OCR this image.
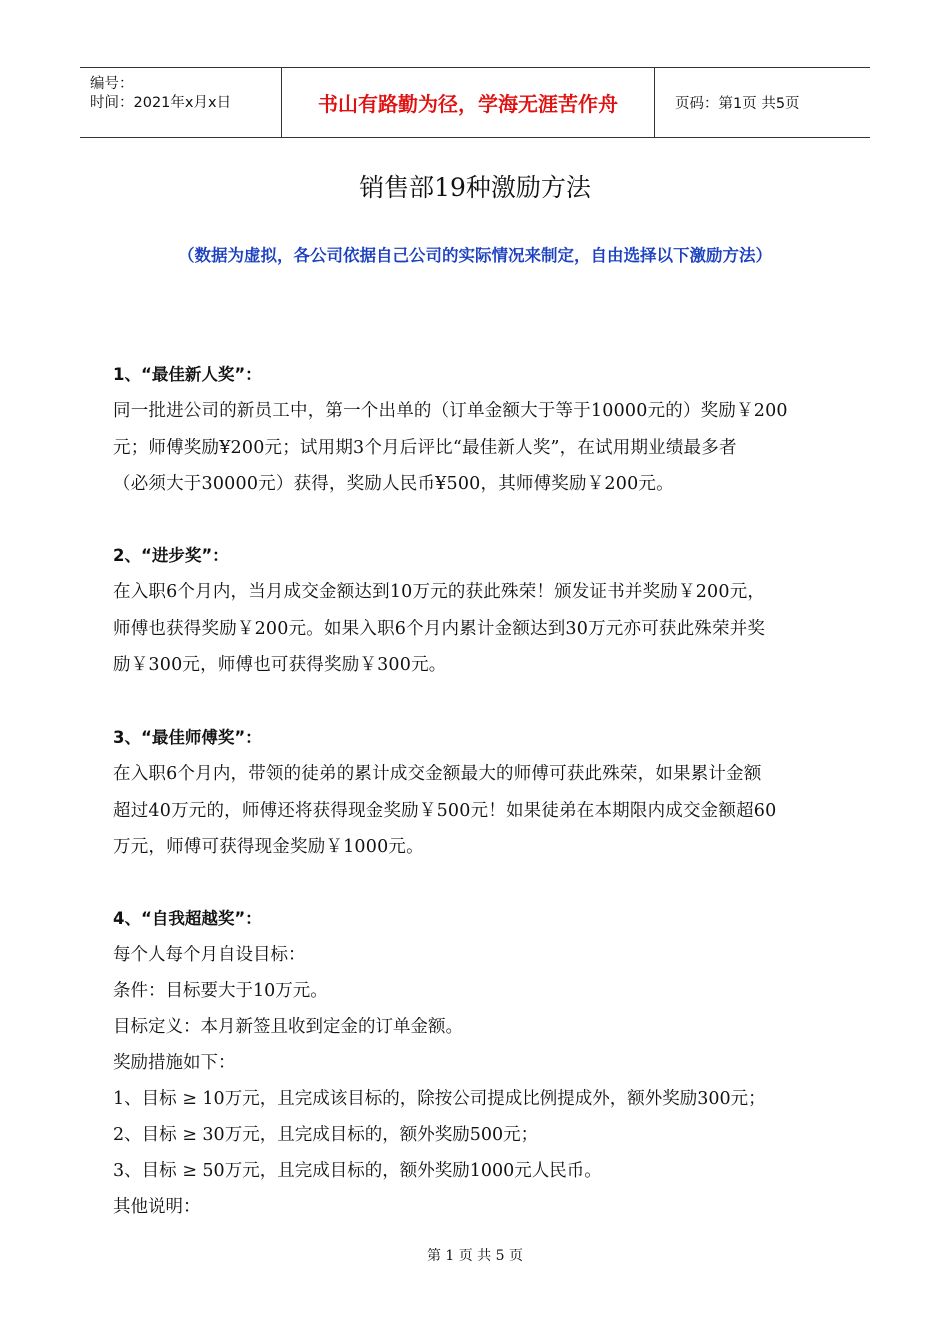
编号：
时间：2021年x月x日	书山有路勤为径，学海无涯苦作舟	页码：第1页 共5页
销售部19种激励方法
（数据为虚拟，各公司依据自己公司的实际情况来制定，自由选择以下激励方法）
1、“最佳新人奖”：
同一批进公司的新员工中，第一个出单的（订单金额大于等于10000元的）奖励￥200
元；师傅奖励¥200元；试用期3个月后评比“最佳新人奖”，在试用期业绩最多者
（必须大于30000元）获得，奖励人民币¥500，其师傅奖励￥200元。
2、“进步奖”：
在入职6个月内，当月成交金额达到10万元的获此殊荣！颁发证书并奖励￥200元，
师傅也获得奖励￥200元。如果入职6个月内累计金额达到30万元亦可获此殊荣并奖
励￥300元，师傅也可获得奖励￥300元。
3、“最佳师傅奖”：
在入职6个月内，带领的徒弟的累计成交金额最大的师傅可获此殊荣，如果累计金额
超过40万元的，师傅还将获得现金奖励￥500元！如果徒弟在本期限内成交金额超60
万元，师傅可获得现金奖励￥1000元。
4、“自我超越奖”：
每个人每个月自设目标：
条件：目标要大于10万元。
目标定义：本月新签且收到定金的订单金额。
奖励措施如下：
1、目标 ≥ 10万元，且完成该目标的，除按公司提成比例提成外，额外奖励300元；
2、目标 ≥ 30万元，且完成目标的，额外奖励500元；
3、目标 ≥ 50万元，且完成目标的，额外奖励1000元人民币。
其他说明：
第 1 页 共 5 页
